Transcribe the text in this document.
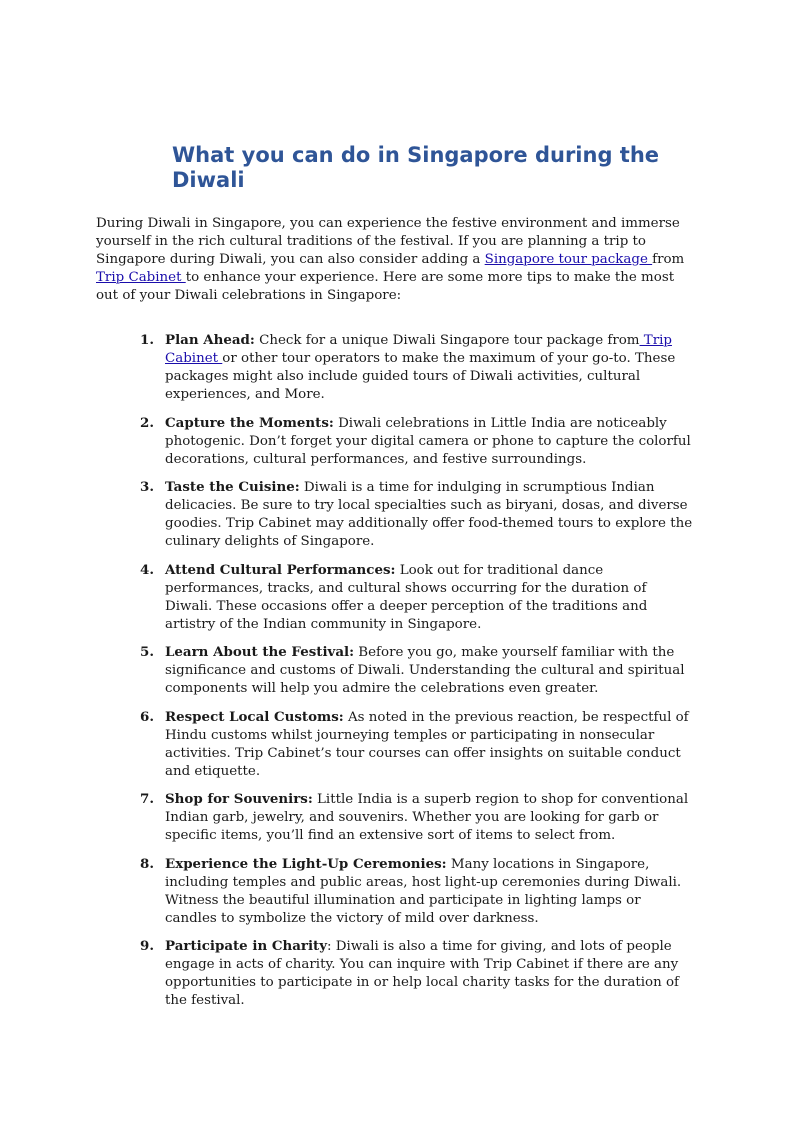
What you can do in Singapore during the Diwali

During Diwali in Singapore, you can experience the festive environment and immerse yourself in the rich cultural traditions of the festival. If you are planning a trip to Singapore during Diwali, you can also consider adding a Singapore tour package from Trip Cabinet to enhance your experience. Here are some more tips to make the most out of your Diwali celebrations in Singapore:

1. Plan Ahead: Check for a unique Diwali Singapore tour package from Trip Cabinet or other tour operators to make the maximum of your go-to. These packages might also include guided tours of Diwali activities, cultural experiences, and More.
2. Capture the Moments: Diwali celebrations in Little India are noticeably photogenic. Don’t forget your digital camera or phone to capture the colorful decorations, cultural performances, and festive surroundings.
3. Taste the Cuisine: Diwali is a time for indulging in scrumptious Indian delicacies. Be sure to try local specialties such as biryani, dosas, and diverse goodies. Trip Cabinet may additionally offer food-themed tours to explore the culinary delights of Singapore.
4. Attend Cultural Performances: Look out for traditional dance performances, tracks, and cultural shows occurring for the duration of Diwali. These occasions offer a deeper perception of the traditions and artistry of the Indian community in Singapore.
5. Learn About the Festival: Before you go, make yourself familiar with the significance and customs of Diwali. Understanding the cultural and spiritual components will help you admire the celebrations even greater.
6. Respect Local Customs: As noted in the previous reaction, be respectful of Hindu customs whilst journeying temples or participating in nonsecular activities. Trip Cabinet’s tour courses can offer insights on suitable conduct and etiquette.
7. Shop for Souvenirs: Little India is a superb region to shop for conventional Indian garb, jewelry, and souvenirs. Whether you are looking for garb or specific items, you’ll find an extensive sort of items to select from.
8. Experience the Light-Up Ceremonies: Many locations in Singapore, including temples and public areas, host light-up ceremonies during Diwali. Witness the beautiful illumination and participate in lighting lamps or candles to symbolize the victory of mild over darkness.
9. Participate in Charity: Diwali is also a time for giving, and lots of people engage in acts of charity. You can inquire with Trip Cabinet if there are any opportunities to participate in or help local charity tasks for the duration of the festival.
